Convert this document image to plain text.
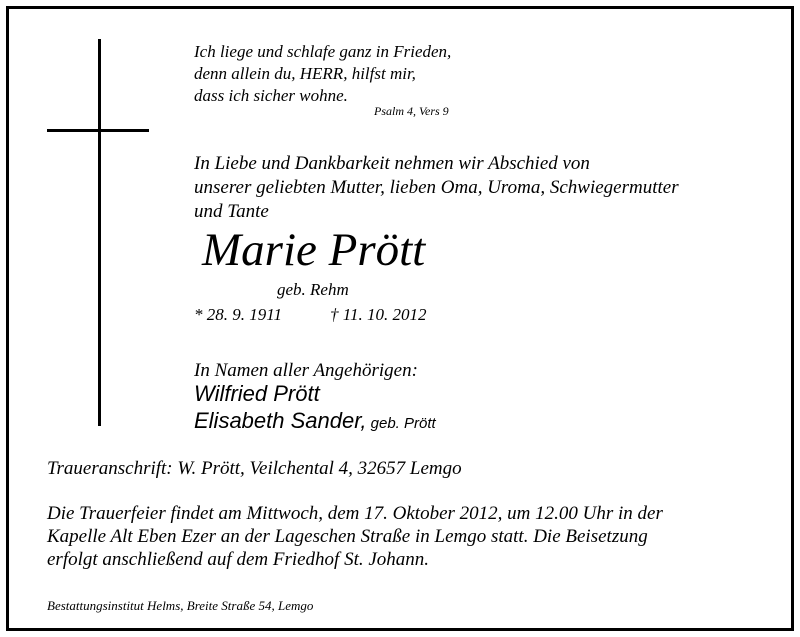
Ich liege und schlafe ganz in Frieden,
denn allein du, HERR, hilfst mir,
dass ich sicher wohne.
Psalm 4, Vers 9
In Liebe und Dankbarkeit nehmen wir Abschied von
unserer geliebten Mutter, lieben Oma, Uroma, Schwiegermutter
und Tante
Marie Prött
geb. Rehm
* 28. 9. 1911	† 11. 10. 2012
In Namen aller Angehörigen:
Wilfried Prött
Elisabeth Sander, geb. Prött
Traueranschrift: W. Prött, Veilchental 4, 32657 Lemgo
Die Trauerfeier findet am Mittwoch, dem 17. Oktober 2012, um 12.00 Uhr in der
Kapelle Alt Eben Ezer an der Lageschen Straße in Lemgo statt. Die Beisetzung
erfolgt anschließend auf dem Friedhof St. Johann.
Bestattungsinstitut Helms, Breite Straße 54, Lemgo
